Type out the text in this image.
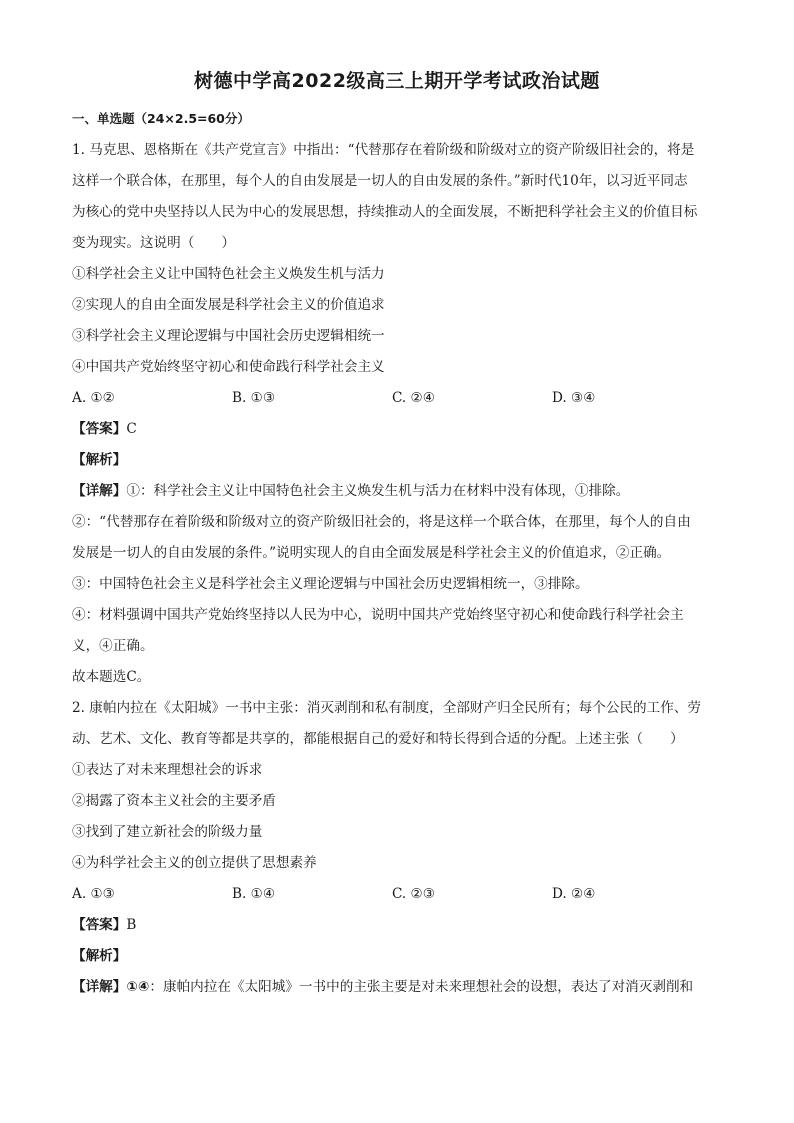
树德中学高2022级高三上期开学考试政治试题
一、单选题（24×2.5=60分）
1. 马克思、恩格斯在《共产党宣言》中指出：“代替那存在着阶级和阶级对立的资产阶级旧社会的，将是
这样一个联合体，在那里，每个人的自由发展是一切人的自由发展的条件。”新时代10年，以习近平同志
为核心的党中央坚持以人民为中心的发展思想，持续推动人的全面发展，不断把科学社会主义的价值目标
变为现实。这说明（　　）
①科学社会主义让中国特色社会主义焕发生机与活力
②实现人的自由全面发展是科学社会主义的价值追求
③科学社会主义理论逻辑与中国社会历史逻辑相统一
④中国共产党始终坚守初心和使命践行科学社会主义
A. ①②	B. ①③	C. ②④	D. ③④
【答案】C
【解析】
【详解】①：科学社会主义让中国特色社会主义焕发生机与活力在材料中没有体现，①排除。
②：“代替那存在着阶级和阶级对立的资产阶级旧社会的，将是这样一个联合体，在那里，每个人的自由
发展是一切人的自由发展的条件。”说明实现人的自由全面发展是科学社会主义的价值追求，②正确。
③：中国特色社会主义是科学社会主义理论逻辑与中国社会历史逻辑相统一，③排除。
④：材料强调中国共产党始终坚持以人民为中心，说明中国共产党始终坚守初心和使命践行科学社会主
义，④正确。
故本题选C。
2. 康帕内拉在《太阳城》一书中主张：消灭剥削和私有制度，全部财产归全民所有；每个公民的工作、劳
动、艺术、文化、教育等都是共享的，都能根据自己的爱好和特长得到合适的分配。上述主张（　　）
①表达了对未来理想社会的诉求
②揭露了资本主义社会的主要矛盾
③找到了建立新社会的阶级力量
④为科学社会主义的创立提供了思想素养
A. ①③	B. ①④	C. ②③	D. ②④
【答案】B
【解析】
【详解】①④：康帕内拉在《太阳城》一书中的主张主要是对未来理想社会的设想，表达了对消灭剥削和
